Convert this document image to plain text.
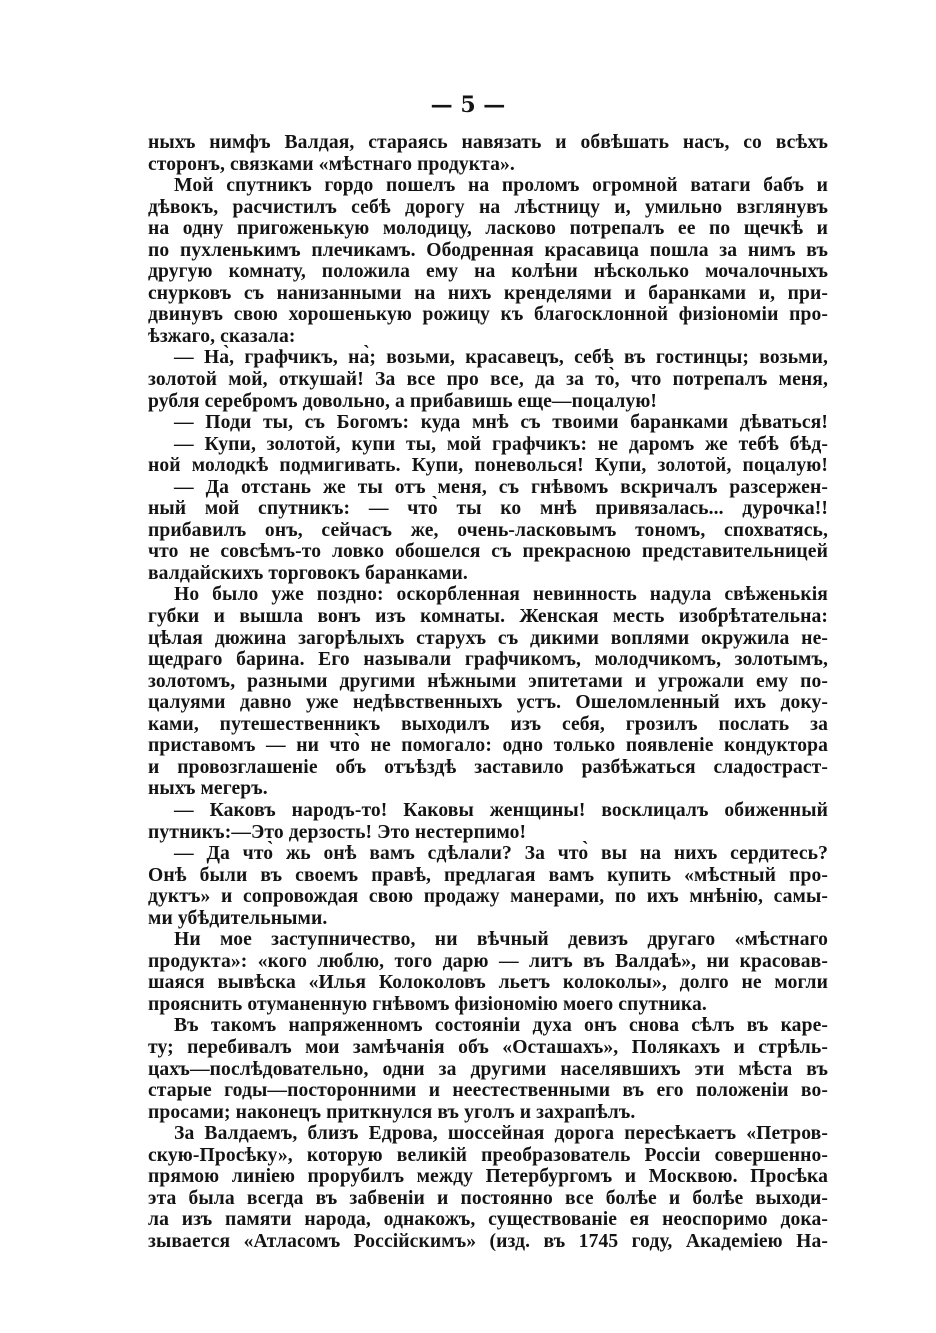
— 5 —
ныхъ нимфъ Валдая, стараясь навязать и обвѣшать насъ, со всѣхъ
сторонъ, связками «мѣстнаго продукта».
Мой спутникъ гордо пошелъ на проломъ огромной ватаги бабъ и
дѣвокъ, расчистилъ себѣ дорогу на лѣстницу и, умильно взглянувъ
на одну пригоженькую молодицу, ласково потрепалъ ее по щечкѣ и
по пухленькимъ плечикамъ. Ободренная красавица пошла за нимъ въ
другую комнату, положила ему на колѣни нѣсколько мочалочныхъ
снурковъ съ нанизанными на нихъ кренделями и баранками и, при-
двинувъ свою хорошенькую рожицу къ благосклонной физіономіи про-
ѣзжаго, сказала:
— На̀, графчикъ, на̀; возьми, красавецъ, себѣ въ гостинцы; возьми,
золотой мой, откушай! За все про все, да за то̀, что потрепалъ меня,
рубля серебромъ довольно, а прибавишь еще—поцалую!
— Поди ты, съ Богомъ: куда мнѣ съ твоими баранками дѣваться!
— Купи, золотой, купи ты, мой графчикъ: не даромъ же тебѣ бѣд-
ной молодкѣ подмигивать. Купи, поневолься! Купи, золотой, поцалую!
— Да отстань же ты отъ меня, съ гнѣвомъ вскричалъ разсержен-
ный мой спутникъ: — что̀ ты ко мнѣ привязалась... дурочка!!
прибавилъ онъ, сейчасъ же, очень-ласковымъ тономъ, спохватясь,
что не совсѣмъ-то ловко обошелся съ прекрасною представительницей
валдайскихъ торговокъ баранками.
Но было уже поздно: оскорбленная невинность надула свѣженькія
губки и вышла вонъ изъ комнаты. Женская месть изобрѣтательна:
цѣлая дюжина загорѣлыхъ старухъ съ дикими воплями окружила не-
щедраго барина. Его называли графчикомъ, молодчикомъ, золотымъ,
золотомъ, разными другими нѣжными эпитетами и угрожали ему по-
цалуями давно уже недѣвственныхъ устъ. Ошеломленный ихъ доку-
ками, путешественникъ выходилъ изъ себя, грозилъ послать за
приставомъ — ни что̀ не помогало: одно только появленіе кондуктора
и провозглашеніе объ отъѣздѣ заставило разбѣжаться сладостраст-
ныхъ мегеръ.
— Каковъ народъ-то! Каковы женщины! восклицалъ обиженный
путникъ:—Это дерзость! Это нестерпимо!
— Да что̀ жь онѣ вамъ сдѣлали? За что̀ вы на нихъ сердитесь?
Онѣ были въ своемъ правѣ, предлагая вамъ купить «мѣстный про-
дуктъ» и сопровождая свою продажу манерами, по ихъ мнѣнію, самы-
ми убѣдительными.
Ни мое заступничество, ни вѣчный девизъ другаго «мѣстнаго
продукта»: «кого люблю, того дарю — литъ въ Валдаѣ», ни красовав-
шаяся вывѣска «Илья Колоколовъ льетъ колоколы», долго не могли
прояснить отуманенную гнѣвомъ физіономію моего спутника.
Въ такомъ напряженномъ состояніи духа онъ снова сѣлъ въ каре-
ту; перебивалъ мои замѣчанія объ «Осташахъ», Полякахъ и стрѣль-
цахъ—послѣдовательно, одни за другими населявшихъ эти мѣста въ
старые годы—посторонними и неестественными въ его положеніи во-
просами; наконецъ приткнулся въ уголъ и захрапѣлъ.
За Валдаемъ, близъ Едрова, шоссейная дорога пересѣкаетъ «Петров-
скую-Просѣку», которую великій преобразователь Россіи совершенно-
прямою линіею прорубилъ между Петербургомъ и Москвою. Просѣка
эта была всегда въ забвеніи и постоянно все болѣе и болѣе выходи-
ла изъ памяти народа, однакожъ, существованіе ея неоспоримо дока-
зывается «Атласомъ Россійскимъ» (изд. въ 1745 году, Академіею На-
